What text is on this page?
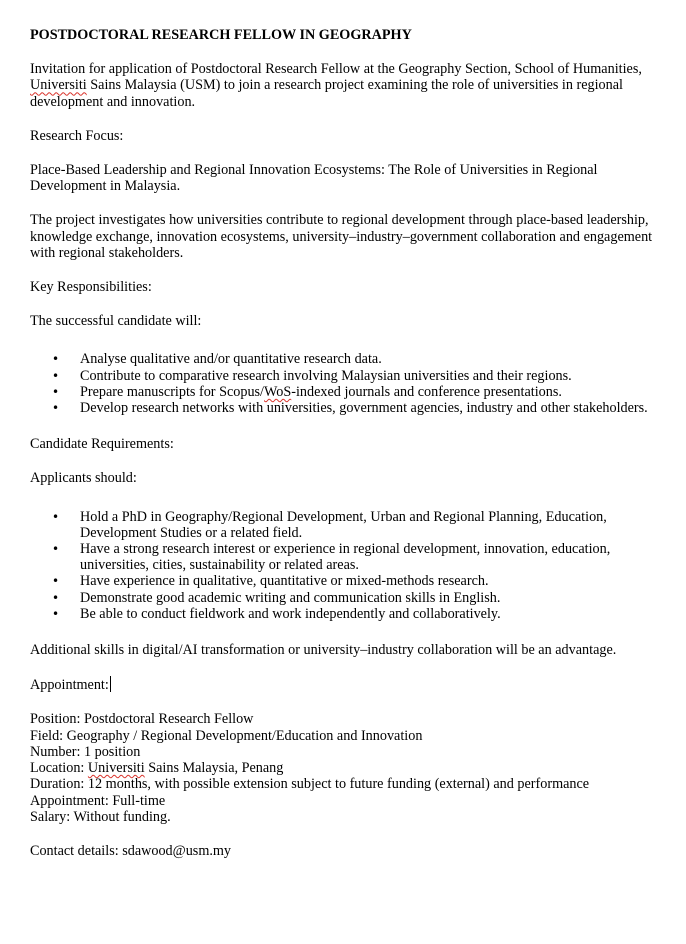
POSTDOCTORAL RESEARCH FELLOW IN GEOGRAPHY

Invitation for application of Postdoctoral Research Fellow at the Geography Section, School of Humanities, Universiti Sains Malaysia (USM) to join a research project examining the role of universities in regional development and innovation.

Research Focus:

Place-Based Leadership and Regional Innovation Ecosystems: The Role of Universities in Regional Development in Malaysia.

The project investigates how universities contribute to regional development through place-based leadership, knowledge exchange, innovation ecosystems, university–industry–government collaboration and engagement with regional stakeholders.

Key Responsibilities:

The successful candidate will:

• Analyse qualitative and/or quantitative research data.
• Contribute to comparative research involving Malaysian universities and their regions.
• Prepare manuscripts for Scopus/WoS-indexed journals and conference presentations.
• Develop research networks with universities, government agencies, industry and other stakeholders.

Candidate Requirements:

Applicants should:

• Hold a PhD in Geography/Regional Development, Urban and Regional Planning, Education, Development Studies or a related field.
• Have a strong research interest or experience in regional development, innovation, education, universities, cities, sustainability or related areas.
• Have experience in qualitative, quantitative or mixed-methods research.
• Demonstrate good academic writing and communication skills in English.
• Be able to conduct fieldwork and work independently and collaboratively.

Additional skills in digital/AI transformation or university–industry collaboration will be an advantage.

Appointment:

Position: Postdoctoral Research Fellow

Field: Geography / Regional Development/Education and Innovation

Number: 1 position

Location: Universiti Sains Malaysia, Penang

Duration: 12 months, with possible extension subject to future funding (external) and performance

Appointment: Full-time

Salary: Without funding.

Contact details: sdawood@usm.my
